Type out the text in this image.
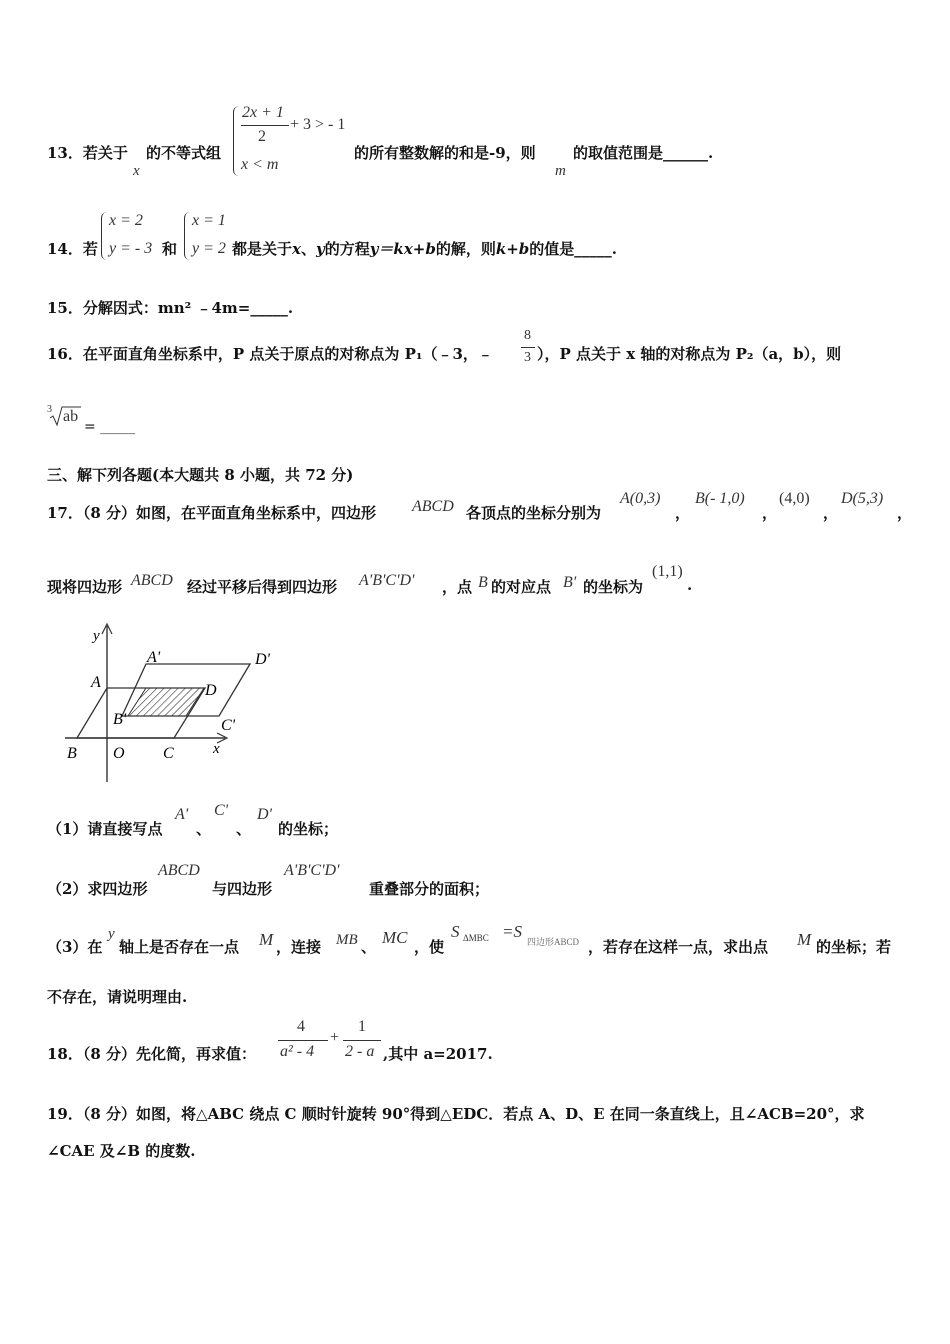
13．若关于
x
的不等式组
2x + 1
2
+ 3 > - 1
x < m
的所有整数解的和是-9，则
m
的取值范围是______.
14．若
x = 2
y = - 3 和
x = 1
y = 2 都是关于x、y的方程y＝kx+b的解，则k+b的值是_____.
15．分解因式：mn² ﹣4m=_____.
16．在平面直角坐标系中，P 点关于原点的对称点为 P₁（﹣3，﹣
8
3 ），P 点关于 x 轴的对称点为 P₂（a，b），则
3 ab
= _____
三、解下列各题(本大题共 8 小题，共 72 分)
17．（8 分）如图，在平面直角坐标系中，四边形 ABCD 各顶点的坐标分别为
A(0,3)
，
B(- 1,0)
，
(4,0)
，
D(5,3)
，
现将四边形 ABCD 经过平移后得到四边形 A'B'C'D' ，点 B 的对应点 B' 的坐标为
(1,1)
.
y
x
A
B O C
D
B'
A'	D'
C'
（1）请直接写点
A'
、
C'
、
D'
的坐标；
（2）求四边形
ABCD
与四边形
A'B'C'D'
重叠部分的面积；
（3）在
y
轴上是否存在一点 M ，连接 MB 、 MC ，使
S ΔMBC =S
四边形ABCD ，若存在这样一点，求出点 M 的坐标；若
不存在，请说明理由.
18．（8 分）先化简，再求值：
4
a² - 4
+
1
2 - a ,其中 a=2017.
19．（8 分）如图，将△ABC 绕点 C 顺时针旋转 90°得到△EDC．若点 A、D、E 在同一条直线上，且∠ACB=20°，求
∠CAE 及∠B 的度数.
